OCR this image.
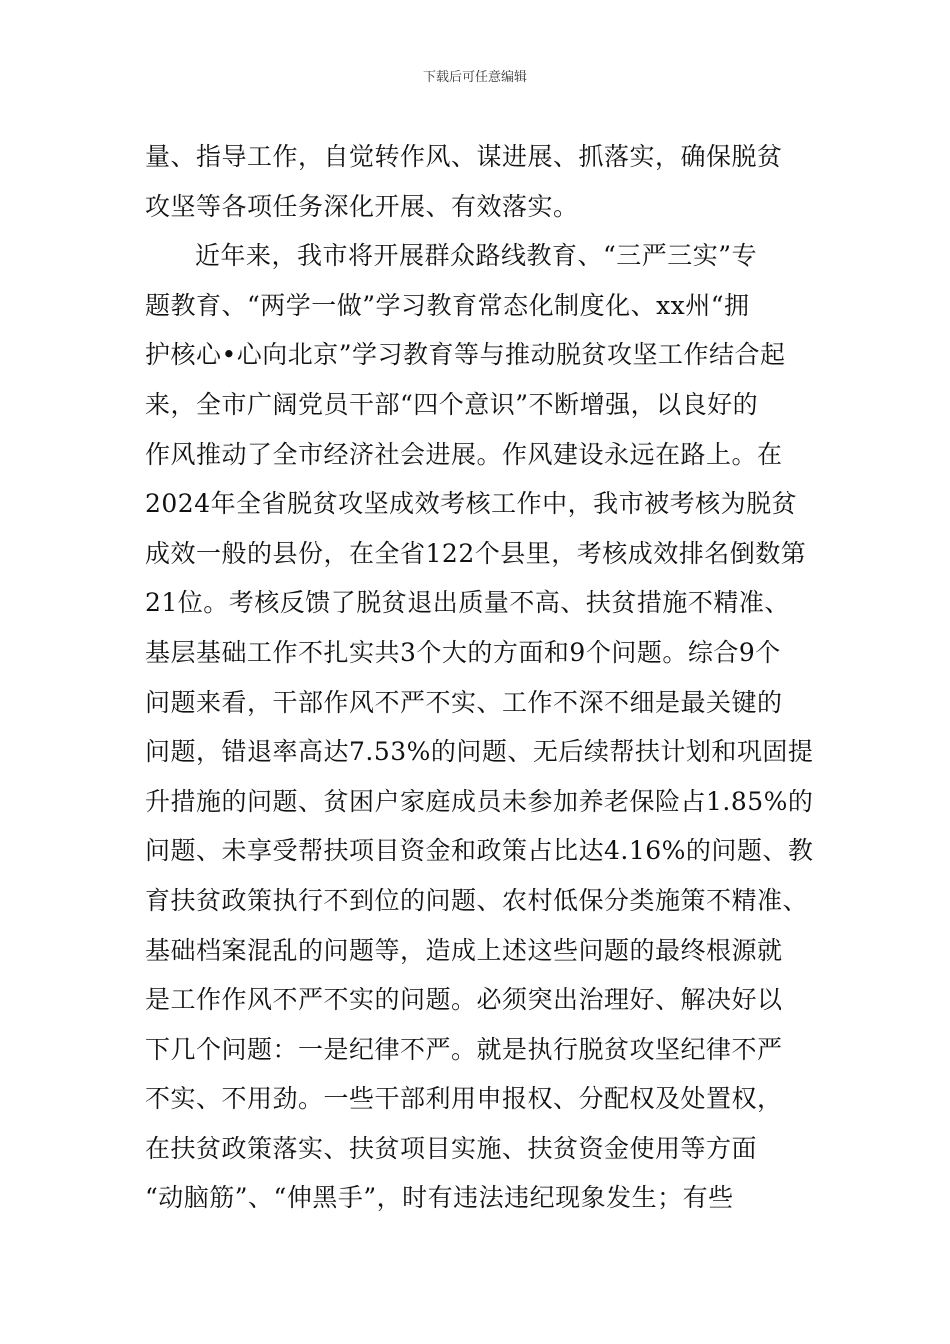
下载后可任意编辑
量、指导工作，自觉转作风、谋进展、抓落实，确保脱贫
攻坚等各项任务深化开展、有效落实。
近年来，我市将开展群众路线教育、“三严三实”专
题教育、“两学一做”学习教育常态化制度化、xx州“拥
护核心•心向北京”学习教育等与推动脱贫攻坚工作结合起
来，全市广阔党员干部“四个意识”不断增强，以良好的
作风推动了全市经济社会进展。作风建设永远在路上。在
2024年全省脱贫攻坚成效考核工作中，我市被考核为脱贫
成效一般的县份，在全省122个县里，考核成效排名倒数第
21位。考核反馈了脱贫退出质量不高、扶贫措施不精准、
基层基础工作不扎实共3个大的方面和9个问题。综合9个
问题来看，干部作风不严不实、工作不深不细是最关键的
问题，错退率高达7.53%的问题、无后续帮扶计划和巩固提
升措施的问题、贫困户家庭成员未参加养老保险占1.85%的
问题、未享受帮扶项目资金和政策占比达4.16%的问题、教
育扶贫政策执行不到位的问题、农村低保分类施策不精准、
基础档案混乱的问题等，造成上述这些问题的最终根源就
是工作作风不严不实的问题。必须突出治理好、解决好以
下几个问题：一是纪律不严。就是执行脱贫攻坚纪律不严
不实、不用劲。一些干部利用申报权、分配权及处置权，
在扶贫政策落实、扶贫项目实施、扶贫资金使用等方面
“动脑筋”、“伸黑手”，时有违法违纪现象发生；有些
